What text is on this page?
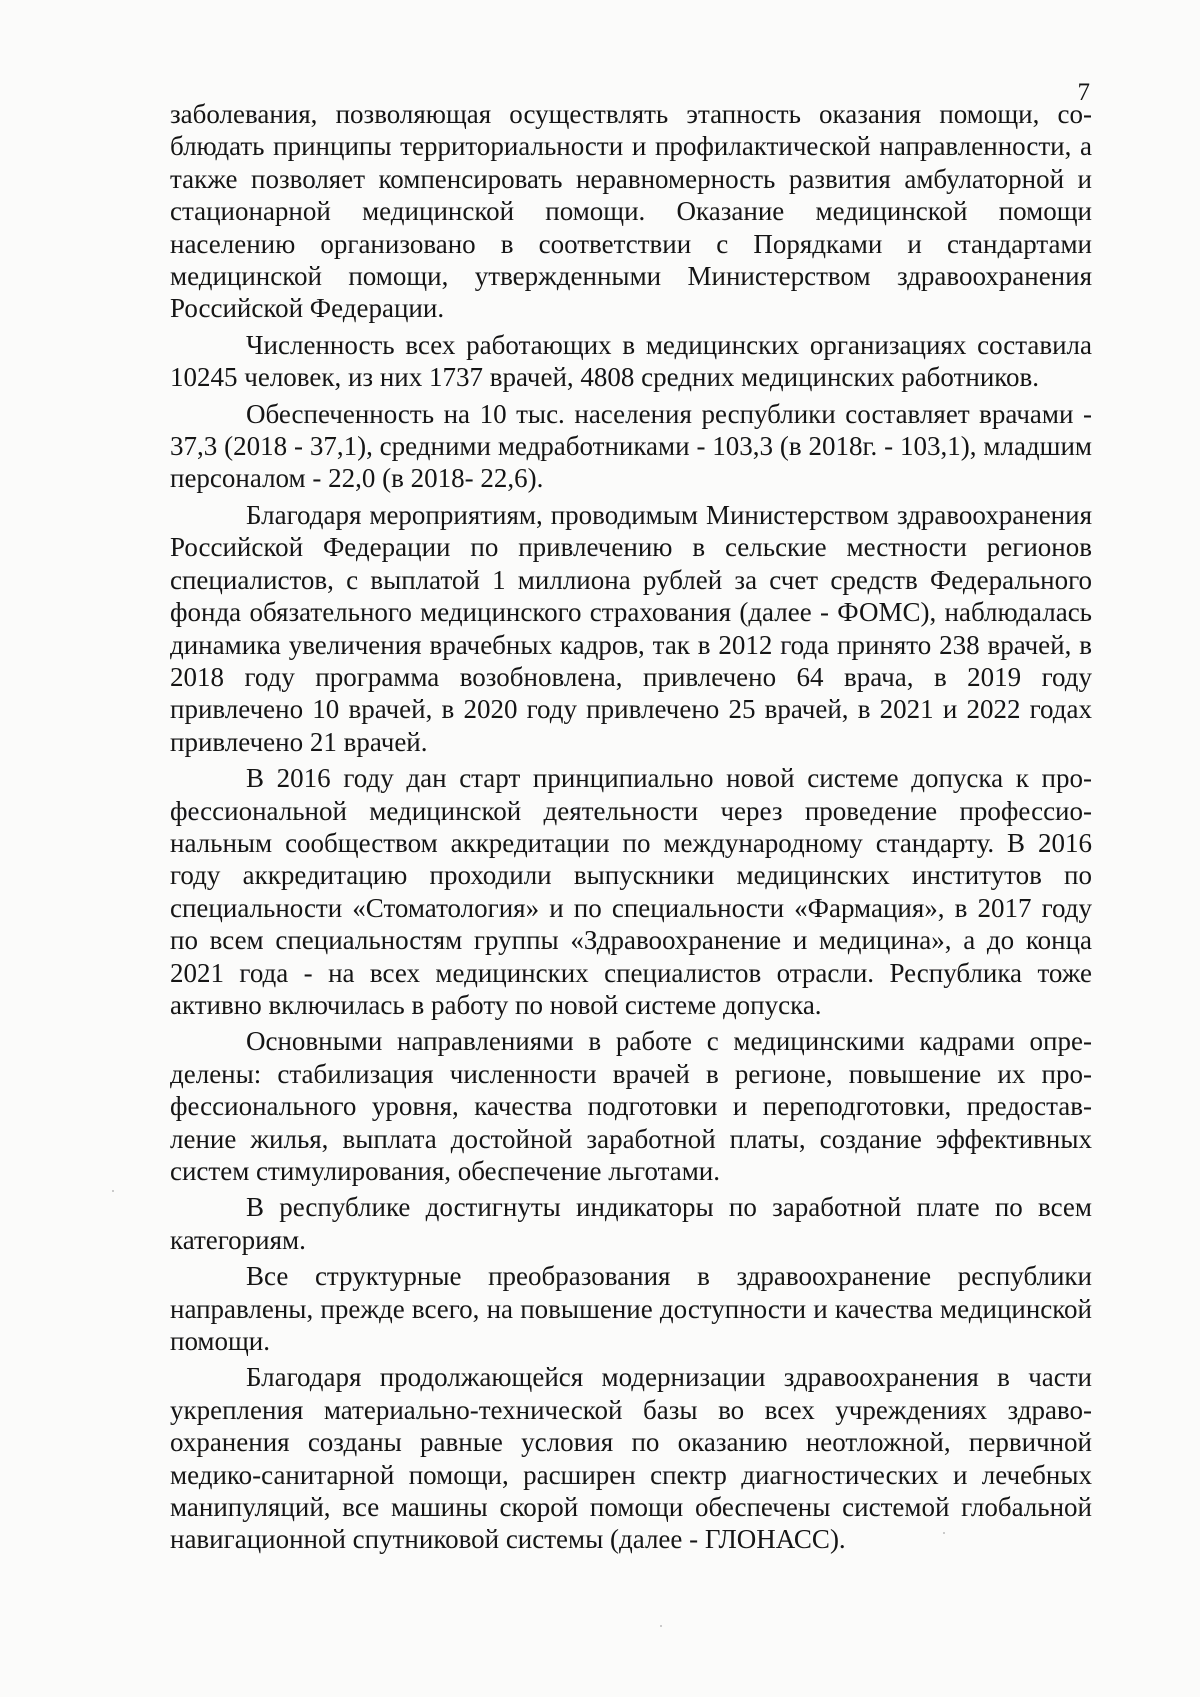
7

заболевания, позволяющая осуществлять этапность оказания помощи, соблюдать принципы территориальности и профилактической направленности, а также позволяет компенсировать неравномерность развития амбулаторной и стационарной медицинской помощи. Оказание медицинской помощи населению организовано в соответствии с Порядками и стандартами медицинской помощи, утвержденными Министерством здравоохранения Российской Федерации.

Численность всех работающих в медицинских организациях составила 10245 человек, из них 1737 врачей, 4808 средних медицинских работников.

Обеспеченность на 10 тыс. населения республики составляет врачами - 37,3 (2018 - 37,1), средними медработниками - 103,3 (в 2018г. - 103,1), младшим персоналом - 22,0 (в 2018- 22,6).

Благодаря мероприятиям, проводимым Министерством здравоохранения Российской Федерации по привлечению в сельские местности регионов специалистов, с выплатой 1 миллиона рублей за счет средств Федерального фонда обязательного медицинского страхования (далее - ФОМС), наблюдалась динамика увеличения врачебных кадров, так в 2012 года принято 238 врачей, в 2018 году программа возобновлена, привлечено 64 врача, в 2019 году привлечено 10 врачей, в 2020 году привлечено 25 врачей, в 2021 и 2022 годах привлечено 21 врачей.

В 2016 году дан старт принципиально новой системе допуска к профессиональной медицинской деятельности через проведение профессиональным сообществом аккредитации по международному стандарту. В 2016 году аккредитацию проходили выпускники медицинских институтов по специальности «Стоматология» и по специальности «Фармация», в 2017 году по всем специальностям группы «Здравоохранение и медицина», а до конца 2021 года - на всех медицинских специалистов отрасли. Республика тоже активно включилась в работу по новой системе допуска.

Основными направлениями в работе с медицинскими кадрами определены: стабилизация численности врачей в регионе, повышение их профессионального уровня, качества подготовки и переподготовки, предоставление жилья, выплата достойной заработной платы, создание эффективных систем стимулирования, обеспечение льготами.

В республике достигнуты индикаторы по заработной плате по всем категориям.

Все структурные преобразования в здравоохранение республики направлены, прежде всего, на повышение доступности и качества медицинской помощи.

Благодаря продолжающейся модернизации здравоохранения в части укрепления материально-технической базы во всех учреждениях здравоохранения созданы равные условия по оказанию неотложной, первичной медико-санитарной помощи, расширен спектр диагностических и лечебных манипуляций, все машины скорой помощи обеспечены системой глобальной навигационной спутниковой системы (далее - ГЛОНАСС).
